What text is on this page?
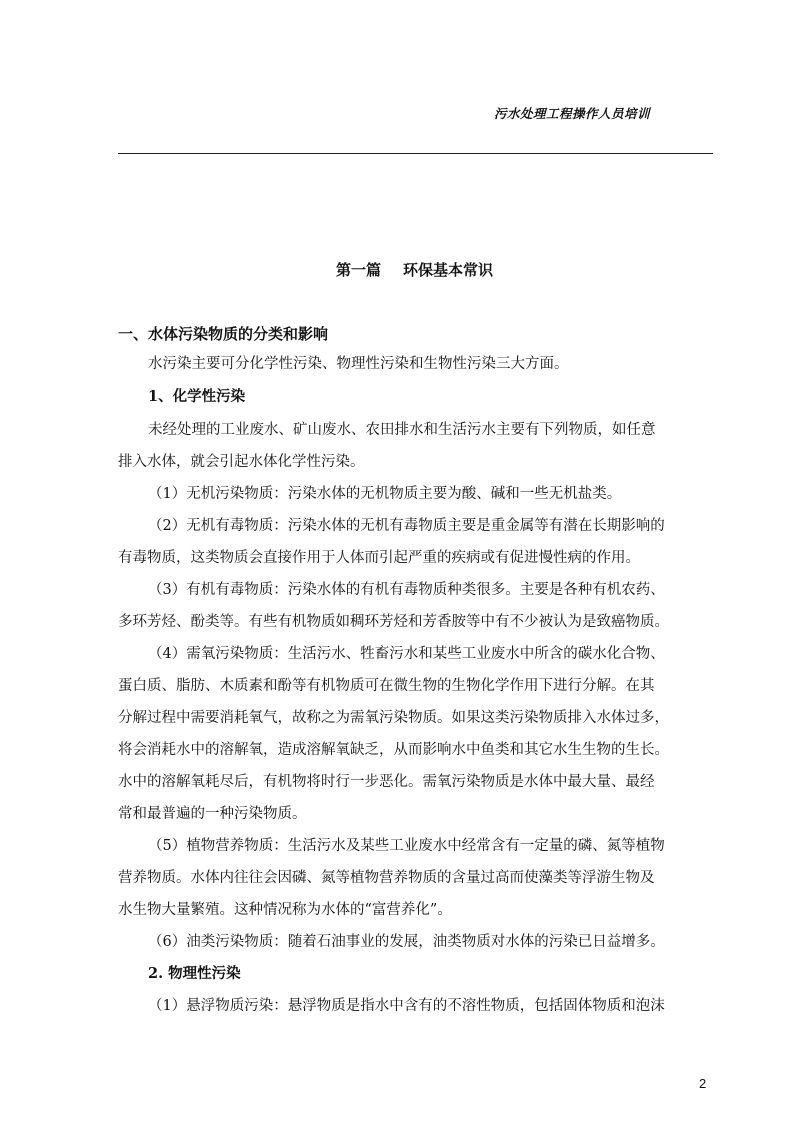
污水处理工程操作人员培训
第一篇 环保基本常识
一、水体污染物质的分类和影响
水污染主要可分化学性污染、物理性污染和生物性污染三大方面。
1、化学性污染
未经处理的工业废水、矿山废水、农田排水和生活污水主要有下列物质，如任意
排入水体，就会引起水体化学性污染。
（1）无机污染物质：污染水体的无机物质主要为酸、碱和一些无机盐类。
（2）无机有毒物质：污染水体的无机有毒物质主要是重金属等有潜在长期影响的
有毒物质，这类物质会直接作用于人体而引起严重的疾病或有促进慢性病的作用。
（3）有机有毒物质：污染水体的有机有毒物质种类很多。主要是各种有机农药、
多环芳烃、酚类等。有些有机物质如稠环芳烃和芳香胺等中有不少被认为是致癌物质。
（4）需氧污染物质：生活污水、牲畜污水和某些工业废水中所含的碳水化合物、
蛋白质、脂肪、木质素和酚等有机物质可在微生物的生物化学作用下进行分解。在其
分解过程中需要消耗氧气，故称之为需氧污染物质。如果这类污染物质排入水体过多，
将会消耗水中的溶解氧，造成溶解氧缺乏，从而影响水中鱼类和其它水生生物的生长。
水中的溶解氧耗尽后，有机物将时行一步恶化。需氧污染物质是水体中最大量、最经
常和最普遍的一种污染物质。
（5）植物营养物质：生活污水及某些工业废水中经常含有一定量的磷、氮等植物
营养物质。水体内往往会因磷、氮等植物营养物质的含量过高而使藻类等浮游生物及
水生物大量繁殖。这种情况称为水体的“富营养化”。
（6）油类污染物质：随着石油事业的发展，油类物质对水体的污染已日益增多。
2. 物理性污染
（1）悬浮物质污染：悬浮物质是指水中含有的不溶性物质，包括固体物质和泡沫
2
